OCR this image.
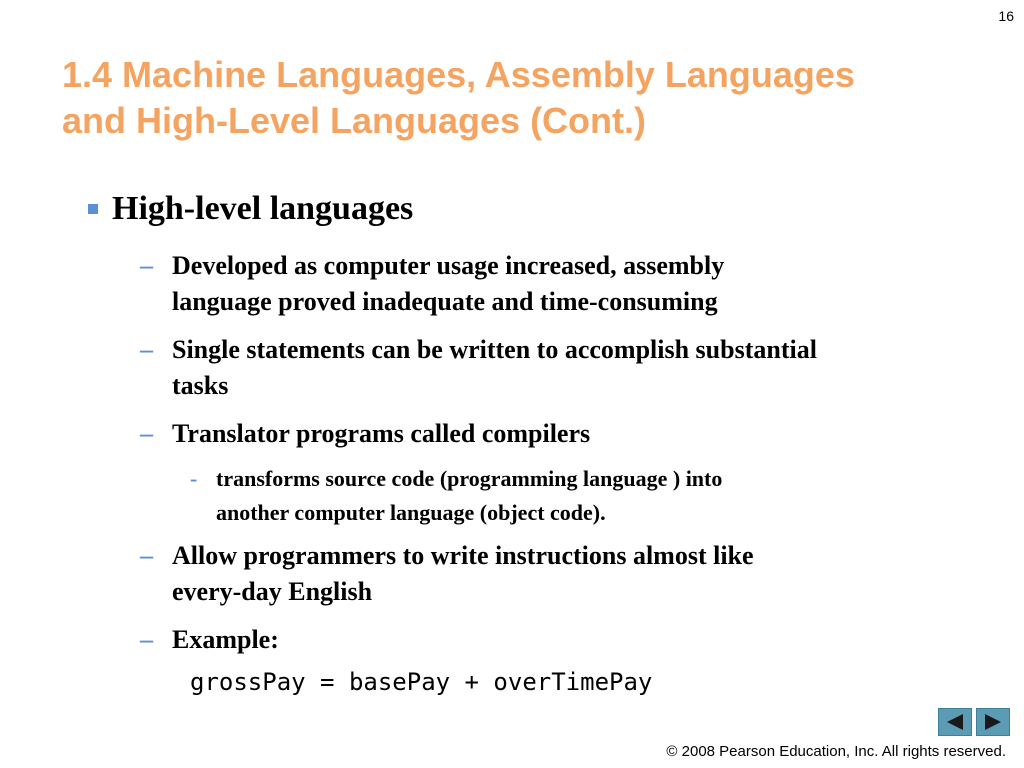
16
1.4 Machine Languages, Assembly Languages
and High-Level Languages (Cont.)
High-level languages
– Developed as computer usage increased, assembly
language proved inadequate and time-consuming
– Single statements can be written to accomplish substantial
tasks
– Translator programs called compilers
- transforms source code (programming language ) into
another computer language (object code).
– Allow programmers to write instructions almost like
every-day English
– Example:
grossPay = basePay + overTimePay
© 2008 Pearson Education, Inc. All rights reserved.
